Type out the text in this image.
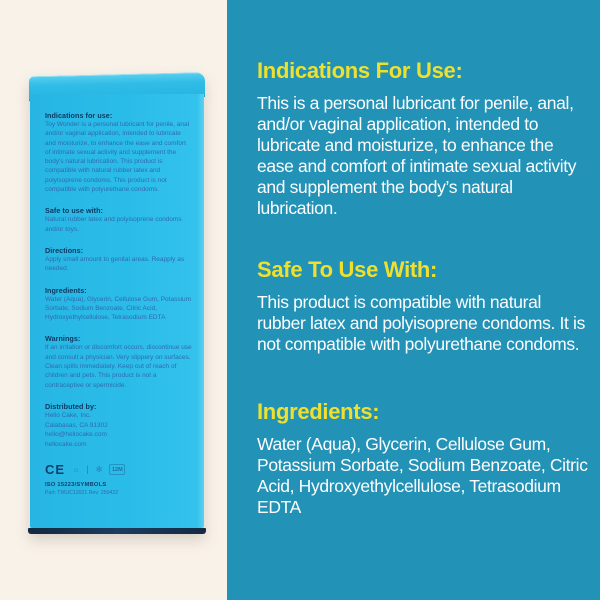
Indications for use:

Toy Wonder is a personal lubricant for penile, anal and/or vaginal application, intended to lubricate and moisturize, to enhance the ease and comfort of intimate sexual activity and supplement the body's natural lubrication. This product is compatible with natural rubber latex and polyisoprene condoms. This product is not compatible with polyurethane condoms.

Safe to use with:

Natural rubber latex and polyisoprene condoms and/or toys.

Directions:

Apply small amount to genital areas. Reapply as needed.

Ingredients:

Water (Aqua), Glycerin, Cellulose Gum, Potassium Sorbate, Sodium Benzoate, Citric Acid, Hydroxyethylcellulose, Tetrasodium EDTA

Warnings:

If an irritation or discomfort occurs, discontinue use and consult a physician. Very slippery on surfaces. Clean spills immediately. Keep out of reach of children and pets. This product is not a contraceptive or spermicide.

Distributed by:

Hello Cake, Inc.

Calabasas, CA 91302

hello@hellocake.com

hellocake.com

CE ☼ | ✻	12M
ISO 15223/SYMBOLS
Part: TWUC12021 Rev: 250422
Indications For Use:

This is a personal lubricant for penile, anal, and/or vaginal application, intended to lubricate and moisturize, to enhance the ease and comfort of intimate sexual activity and supplement the body’s natural lubrication.

Safe To Use With:

This product is compatible with natural rubber latex and polyisoprene condoms. It is not compatible with polyurethane condoms.

Ingredients:

Water (Aqua), Glycerin, Cellulose Gum, Potassium Sorbate, Sodium Benzoate, Citric Acid, Hydroxyethylcellulose, Tetrasodium EDTA
